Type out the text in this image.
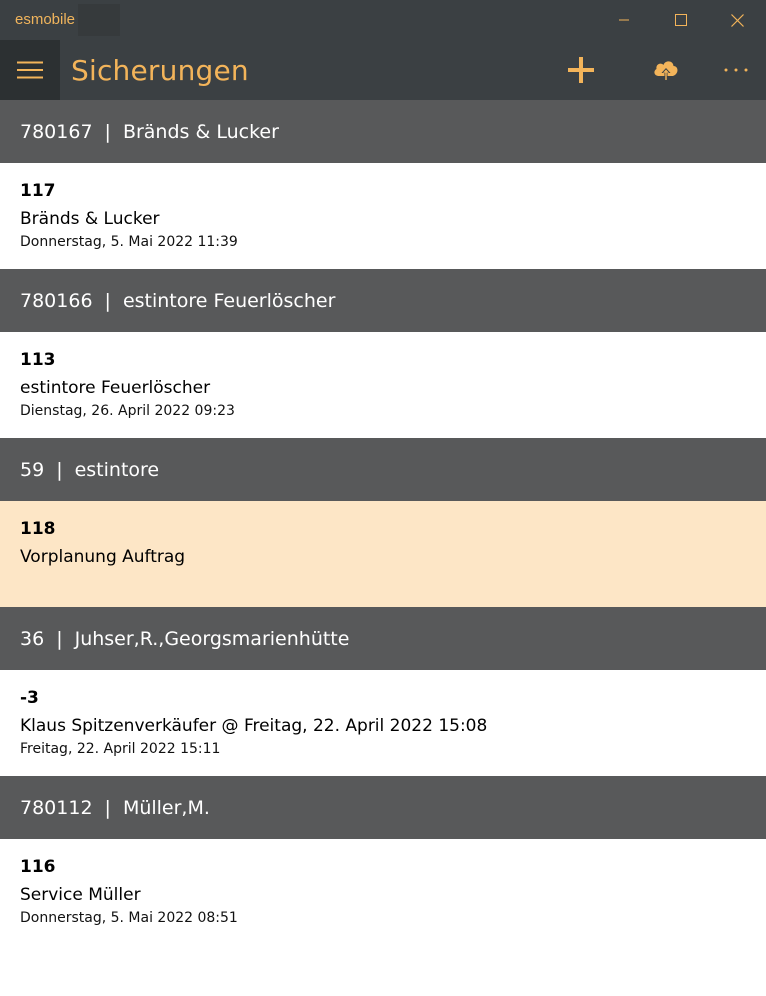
esmobile
Sicherungen
780167 | Bränds & Lucker
117
Bränds & Lucker
Donnerstag, 5. Mai 2022 11:39
780166 | estintore Feuerlöscher
113
estintore Feuerlöscher
Dienstag, 26. April 2022 09:23
59 | estintore
118
Vorplanung Auftrag
36 | Juhser,R.,Georgsmarienhütte
-3
Klaus Spitzenverkäufer @ Freitag, 22. April 2022 15:08
Freitag, 22. April 2022 15:11
780112 | Müller,M.
116
Service Müller
Donnerstag, 5. Mai 2022 08:51
